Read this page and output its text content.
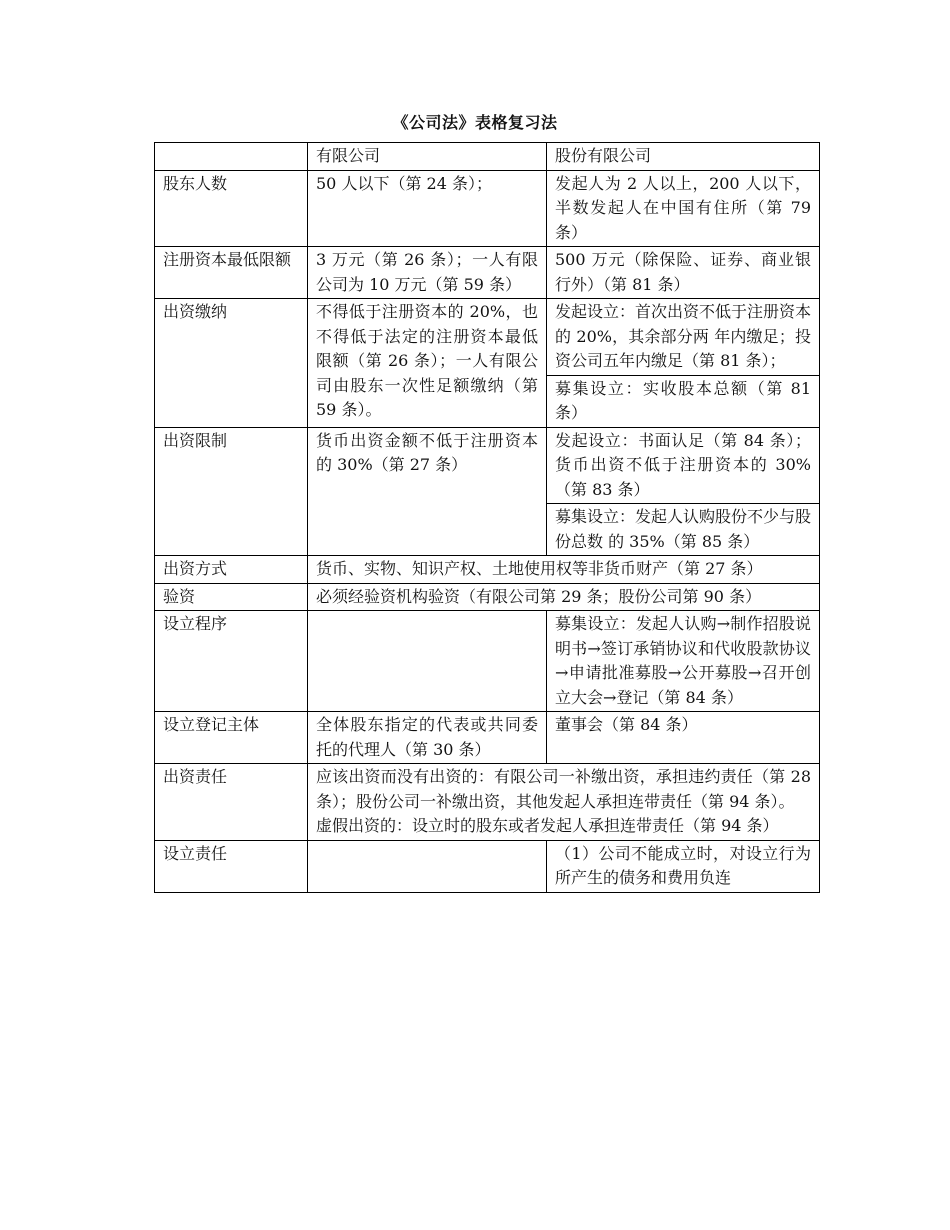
《公司法》表格复习法
	有限公司	股份有限公司
股东人数	50 人以下（第 24 条）；	发起人为 2 人以上，200 人以下，半数发起人在中国有住所（第 79 条）
注册资本最低限额	3 万元（第 26 条）；一人有限公司为 10 万元（第 59 条）	500 万元（除保险、证券、商业银行外）（第 81 条）
出资缴纳	不得低于注册资本的 20%，也不得低于法定的注册资本最低限额（第 26 条）；一人有限公司由股东一次性足额缴纳（第 59 条）。	发起设立：首次出资不低于注册资本的 20%，其余部分两 年内缴足；投资公司五年内缴足（第 81 条）；
		募集设立：实收股本总额（第 81 条）
出资限制	货币出资金额不低于注册资本的 30%（第 27 条）	发起设立：书面认足（第 84 条）；货币出资不低于注册资本的 30%（第 83 条）
		募集设立：发起人认购股份不少与股 份总数 的 35%（第 85 条）
出资方式	货币、实物、知识产权、土地使用权等非货币财产（第 27 条）	
验资	必须经验资机构验资（有限公司第 29 条；股份公司第 90 条）	
设立程序		募集设立：发起人认购→制作招股说明书→签订承销协议和代收股款协议→申请批准募股→公开募股→召开创立大会→登记（第 84 条）
设立登记主体	全体股东指定的代表或共同委托的代理人（第 30 条）	董事会（第 84 条）
出资责任	应该出资而没有出资的：有限公司一补缴出资，承担违约责任（第 28 条）；股份公司一补缴出资，其他发起人承担连带责任（第 94 条）。
虚假出资的：设立时的股东或者发起人承担连带责任（第 94 条）	

设立责任		（1）公司不能成立时，对设立行为所产生的债务和费用负连
